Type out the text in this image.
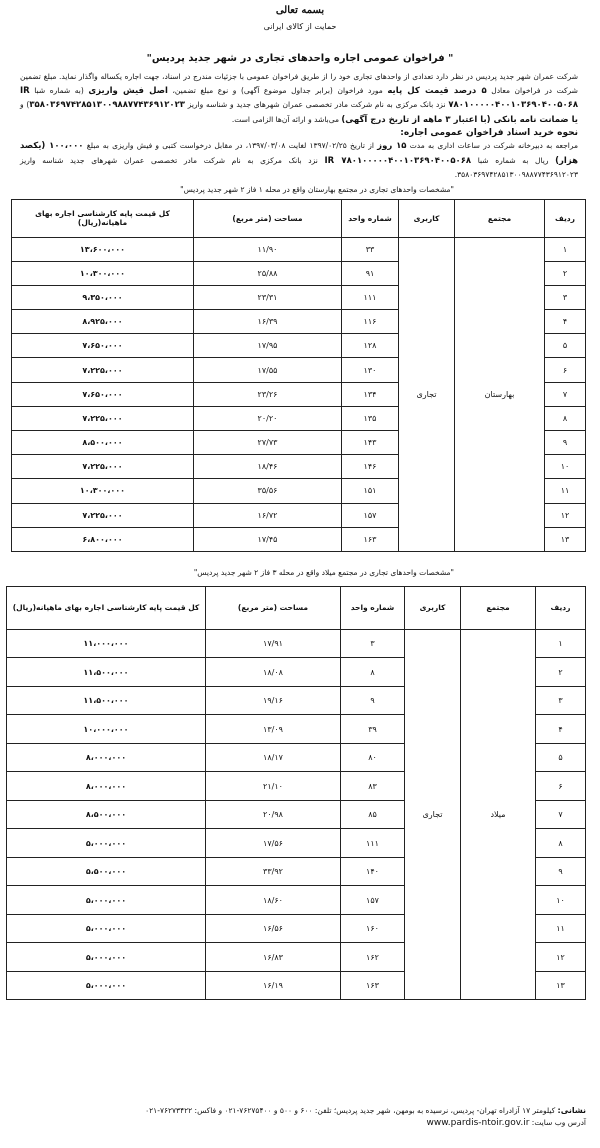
بسمه تعالی
حمایت از کالای ایرانی
" فراخوان عمومی اجاره واحدهای تجاری در شهر جدید پردیس"
شرکت عمران شهر جدید پردیس در نظر دارد تعدادی از واحدهای تجاری خود را از طریق فراخوان عمومی با جزئیات مندرج در اسناد، جهت اجاره یکساله واگذار نماید. مبلغ تضمین شرکت در فراخوان معادل ۵ درصد قیمت کل پایه مورد فراخوان (برابر جداول موضوع آگهی) و نوع مبلغ تضمین، اصل فیش واریزی (به شماره شبا IR ۷۸۰۱۰۰۰۰۰۴۰۰۱۰۳۶۹۰۴۰۰۵۰۶۸ نزد بانک مرکزی به نام شرکت مادر تخصصی عمران شهرهای جدید و شناسه واریز ۳۵۸۰۳۶۹۷۴۲۸۵۱۳۰۰۹۸۸۷۷۴۳۶۹۱۲۰۲۳) و یا ضمانت نامه بانکی (با اعتبار ۳ ماهه از تاریخ درج آگهی) می‌باشد و ارائه آن‌ها الزامی است.
نحوه خرید اسناد فراخوان عمومی اجاره:
مراجعه به دبیرخانه شرکت در ساعات اداری به مدت ۱۵ روز از تاریخ ۱۳۹۷/۰۲/۲۵ لغایت ۱۳۹۷/۰۳/۰۸، در مقابل درخواست کتبی و فیش واریزی به مبلغ ۱۰۰،۰۰۰ (یکصد هزار) ریال به شماره شبا IR ۷۸۰۱۰۰۰۰۰۴۰۰۱۰۳۶۹۰۴۰۰۵۰۶۸ نزد بانک مرکزی به نام شرکت مادر تخصصی عمران شهرهای جدید شناسه واریز ۳۵۸۰۳۶۹۷۴۲۸۵۱۳۰۰۹۸۸۷۷۴۳۶۹۱۲۰۲۳.
"مشخصات واحدهای تجاری در مجتمع بهارستان واقع در محله ۱ فاز ۲ شهر جدید پردیس"
ردیف	مجتمع	کاربری	شماره واحد	مساحت (متر مربع)	کل قیمت پایه کارشناسی اجاره بهای ماهیانه(ریال)
۱	بهارستان	تجاری	۳۳	۱۱/۹۰	۱۳،۶۰۰،۰۰۰
۲			۹۱	۲۵/۸۸	۱۰،۳۰۰،۰۰۰
۳			۱۱۱	۲۳/۳۱	۹،۳۵۰،۰۰۰
۴			۱۱۶	۱۶/۳۹	۸،۹۲۵،۰۰۰
۵			۱۲۸	۱۷/۹۵	۷،۶۵۰،۰۰۰
۶			۱۳۰	۱۷/۵۵	۷،۲۲۵،۰۰۰
۷			۱۳۴	۲۳/۲۶	۷،۶۵۰،۰۰۰
۸			۱۳۵	۲۰/۲۰	۷،۲۲۵،۰۰۰
۹			۱۴۳	۲۷/۷۳	۸،۵۰۰،۰۰۰
۱۰			۱۴۶	۱۸/۴۶	۷،۲۲۵،۰۰۰
۱۱			۱۵۱	۳۵/۵۶	۱۰،۳۰۰،۰۰۰
۱۲			۱۵۷	۱۶/۷۲	۷،۲۲۵،۰۰۰
۱۳			۱۶۳	۱۷/۴۵	۶،۸۰۰،۰۰۰
"مشخصات واحدهای تجاری در مجتمع میلاد واقع در محله ۳ فاز ۲ شهر جدید پردیس"
ردیف	مجتمع	کاربری	شماره واحد	مساحت (متر مربع)	کل قیمت پایه کارشناسی اجاره بهای ماهیانه(ریال)
۱	میلاد	تجاری	۳	۱۷/۹۱	۱۱،۰۰۰،۰۰۰
۲			۸	۱۸/۰۸	۱۱،۵۰۰،۰۰۰
۳			۹	۱۹/۱۶	۱۱،۵۰۰،۰۰۰
۴			۳۹	۱۳/۰۹	۱۰،۰۰۰،۰۰۰
۵			۸۰	۱۸/۱۷	۸،۰۰۰،۰۰۰
۶			۸۳	۲۱/۱۰	۸،۰۰۰،۰۰۰
۷			۸۵	۲۰/۹۸	۸،۵۰۰،۰۰۰
۸			۱۱۱	۱۷/۵۶	۵،۰۰۰،۰۰۰
۹			۱۴۰	۳۳/۹۲	۵،۵۰۰،۰۰۰
۱۰			۱۵۷	۱۸/۶۰	۵،۰۰۰،۰۰۰
۱۱			۱۶۰	۱۶/۵۶	۵،۰۰۰،۰۰۰
۱۲			۱۶۲	۱۶/۸۳	۵،۰۰۰،۰۰۰
۱۳			۱۶۳	۱۶/۱۹	۵،۰۰۰،۰۰۰
نشانی: کیلومتر ۱۷ آزادراه تهران- پردیس، نرسیده به بومهن، شهر جدید پردیس؛ تلفن: ۶۰۰ و ۵۰۰ و ۷۶۲۷۵۴۰۰-۰۲۱ و فاکس: ۷۶۲۷۳۴۲۲-۰۲۱
آدرس وب سایت: www.pardis-ntoir.gov.ir
